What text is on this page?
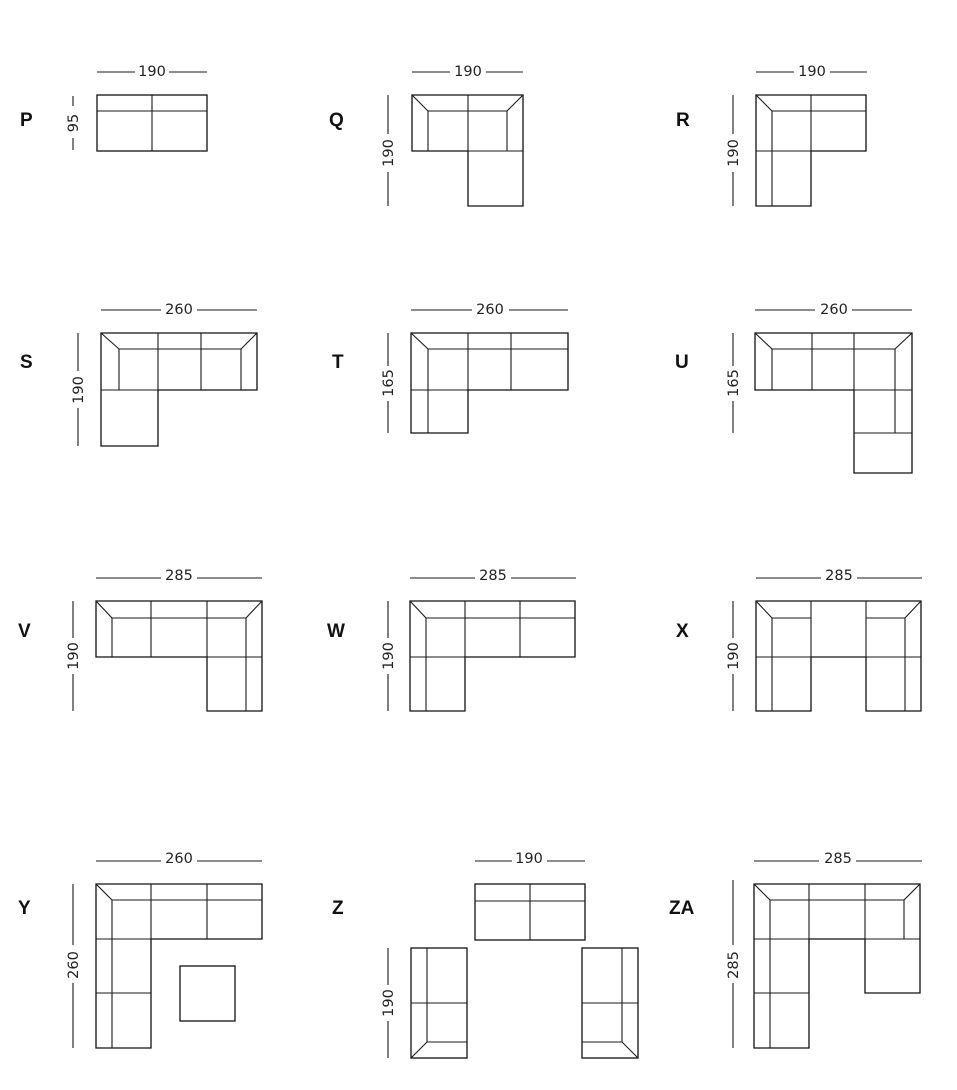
P
190
95	Q
190
190
R
190
190
S
260
190
T
260
165
U
260
165
V
285
190
W
285
190
X
285
190
Y
260
260
Z
190
190
ZA
285
285
